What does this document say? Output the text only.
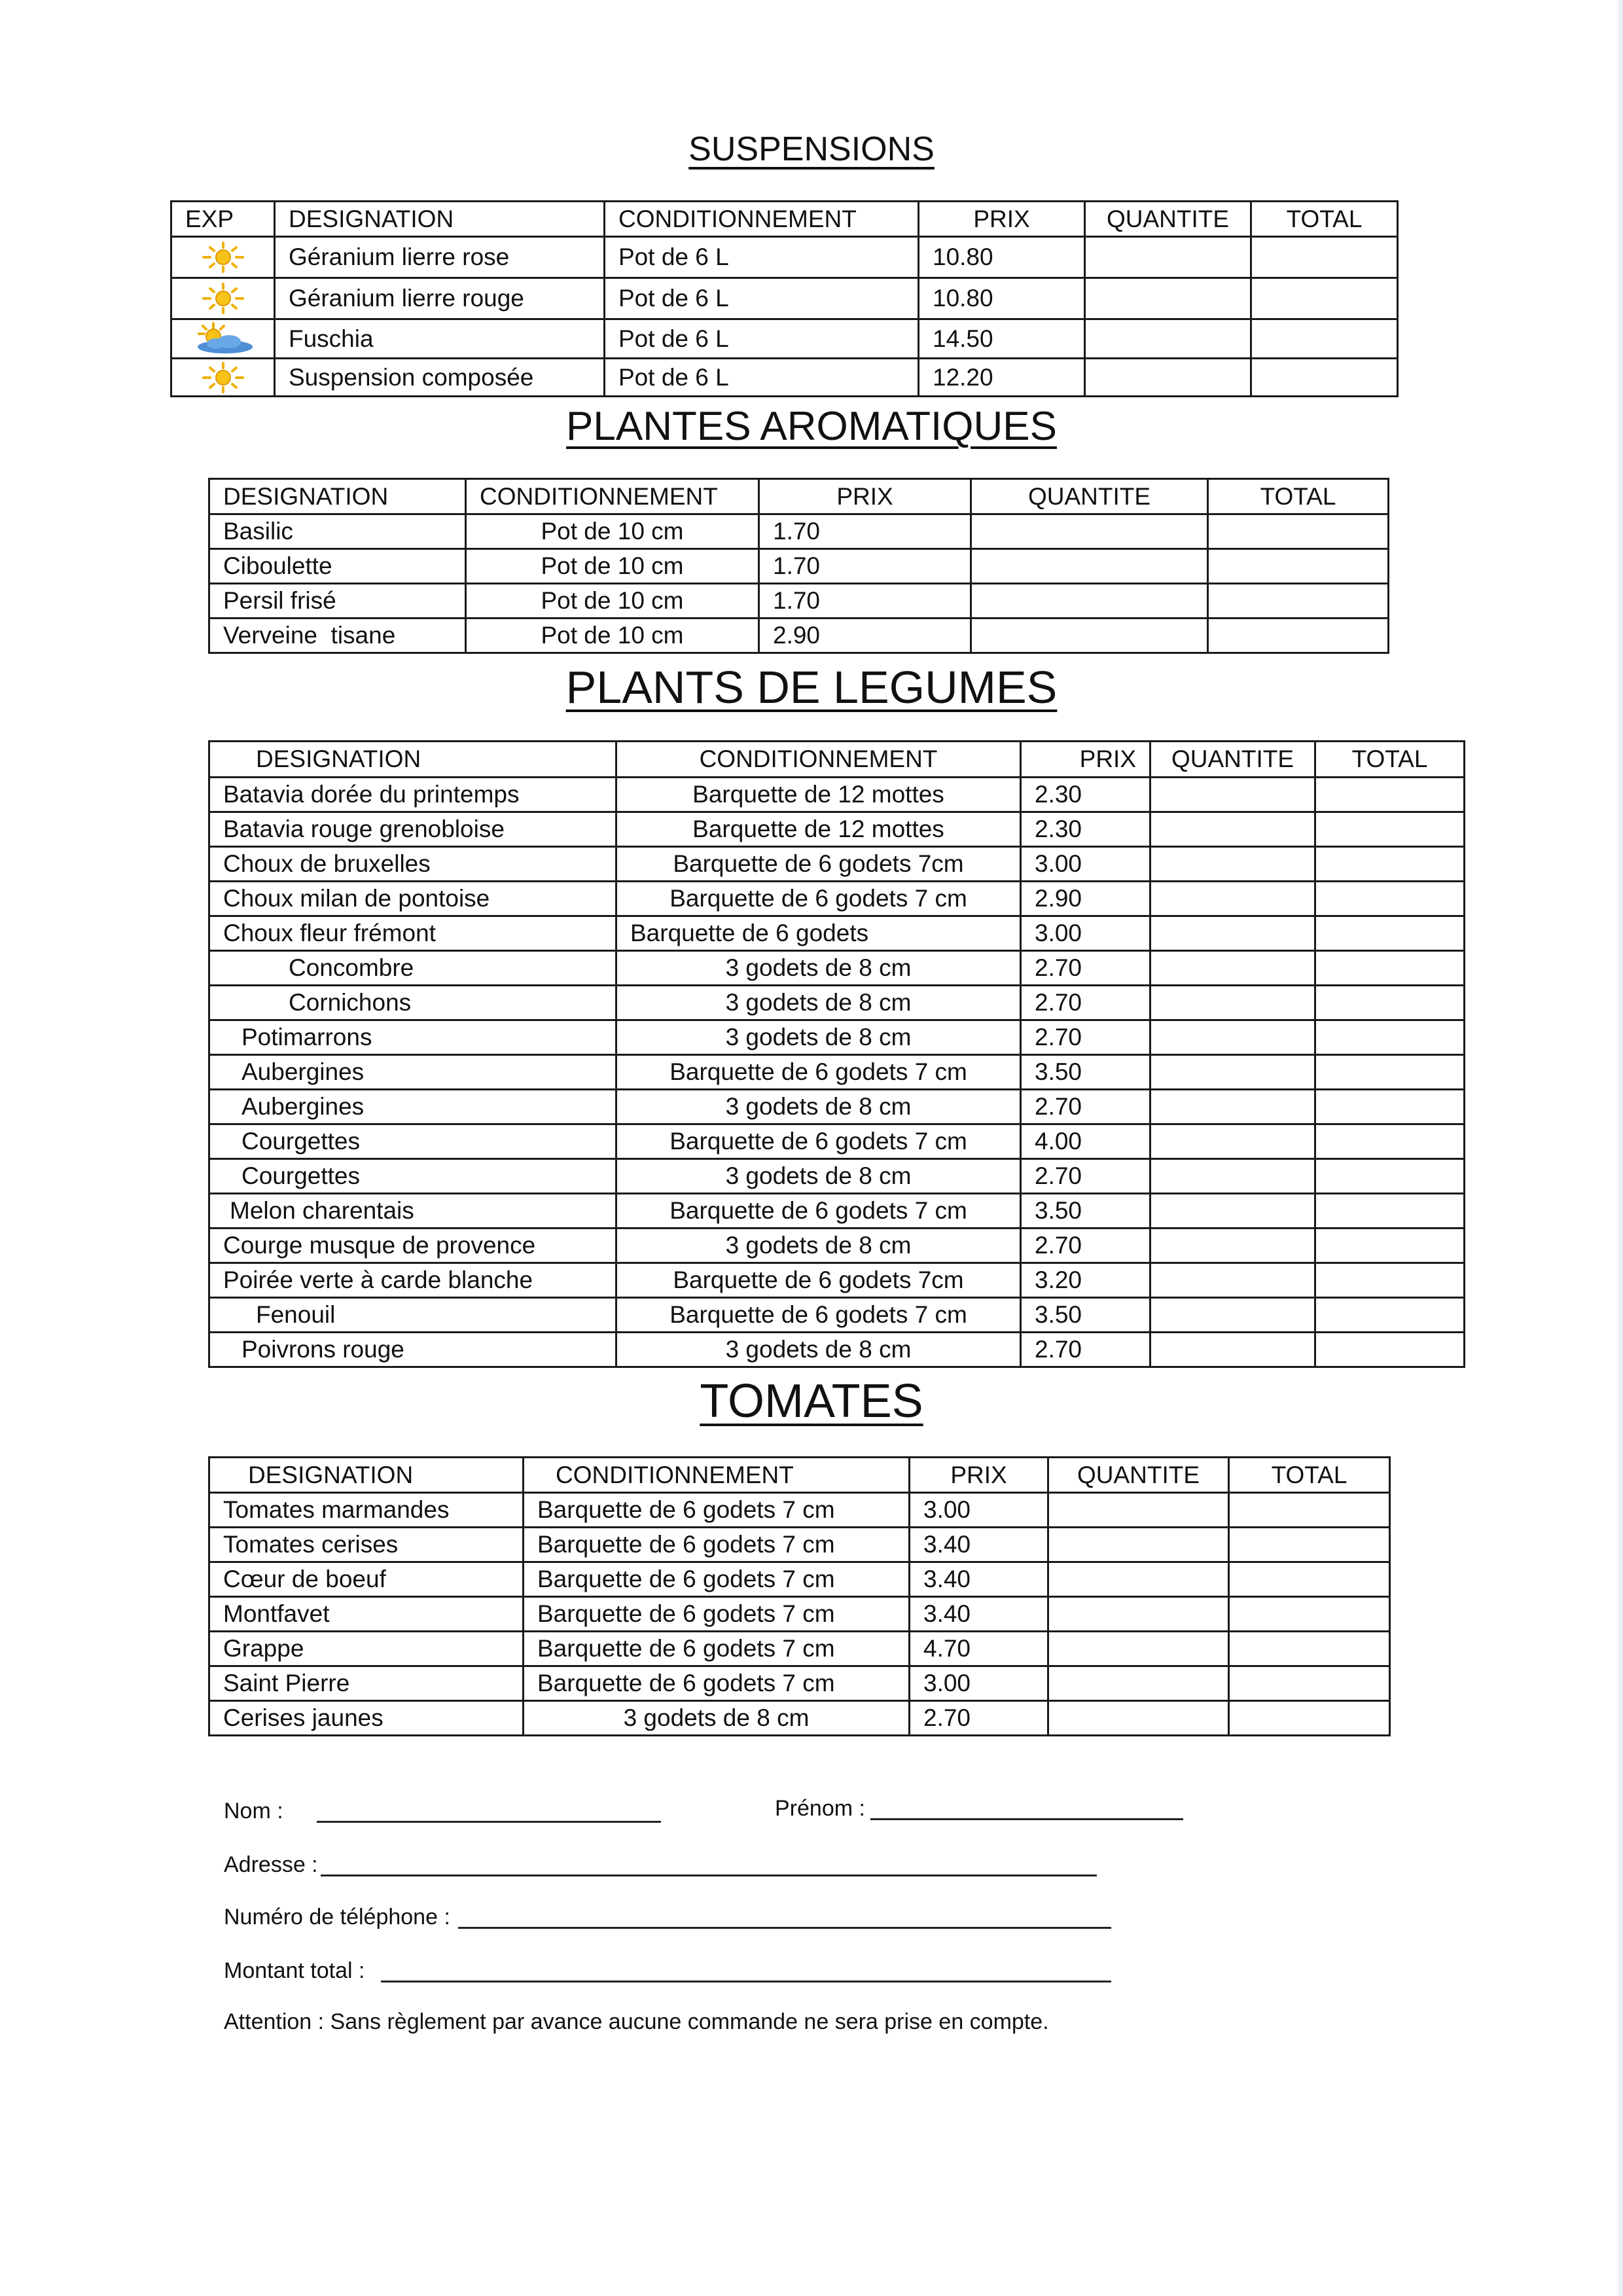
SUSPENSIONS
EXP	DESIGNATION	CONDITIONNEMENT	PRIX	QUANTITE	TOTAL

	Géranium lierre rose	Pot de 6 L	10.80		

	Géranium lierre rouge	Pot de 6 L	10.80		

	Fuschia	Pot de 6 L	14.50		

	Suspension composée	Pot de 6 L	12.20		
PLANTES AROMATIQUES
DESIGNATION	CONDITIONNEMENT	PRIX	QUANTITE	TOTAL
Basilic	Pot de 10 cm	1.70		
Ciboulette	Pot de 10 cm	1.70		
Persil frisé	Pot de 10 cm	1.70		
Verveine  tisane	Pot de 10 cm	2.90		
PLANTS DE LEGUMES
DESIGNATION	CONDITIONNEMENT	PRIX	QUANTITE	TOTAL
Batavia dorée du printemps	Barquette de 12 mottes	2.30		
Batavia rouge grenobloise	Barquette de 12 mottes	2.30		
Choux de bruxelles	Barquette de 6 godets 7cm	3.00		
Choux milan de pontoise	Barquette de 6 godets 7 cm	2.90		
Choux fleur frémont	Barquette de 6 godets	3.00		
Concombre	3 godets de 8 cm	2.70		
Cornichons	3 godets de 8 cm	2.70		
Potimarrons	3 godets de 8 cm	2.70		
Aubergines	Barquette de 6 godets 7 cm	3.50		
Aubergines	3 godets de 8 cm	2.70		
Courgettes	Barquette de 6 godets 7 cm	4.00		
Courgettes	3 godets de 8 cm	2.70		
Melon charentais	Barquette de 6 godets 7 cm	3.50		
Courge musque de provence	3 godets de 8 cm	2.70		
Poirée verte à carde blanche	Barquette de 6 godets 7cm	3.20		
Fenouil	Barquette de 6 godets 7 cm	3.50		
Poivrons rouge	3 godets de 8 cm	2.70		
TOMATES
DESIGNATION	CONDITIONNEMENT	PRIX	QUANTITE	TOTAL
Tomates marmandes	Barquette de 6 godets 7 cm	3.00		
Tomates cerises	Barquette de 6 godets 7 cm	3.40		
Cœur de boeuf	Barquette de 6 godets 7 cm	3.40		
Montfavet	Barquette de 6 godets 7 cm	3.40		
Grappe	Barquette de 6 godets 7 cm	4.70		
Saint Pierre	Barquette de 6 godets 7 cm	3.00		
Cerises jaunes	3 godets de 8 cm	2.70		
Nom :	Prénom :
Adresse :
Numéro de téléphone :
Montant total :
Attention : Sans règlement par avance aucune commande ne sera prise en compte.
